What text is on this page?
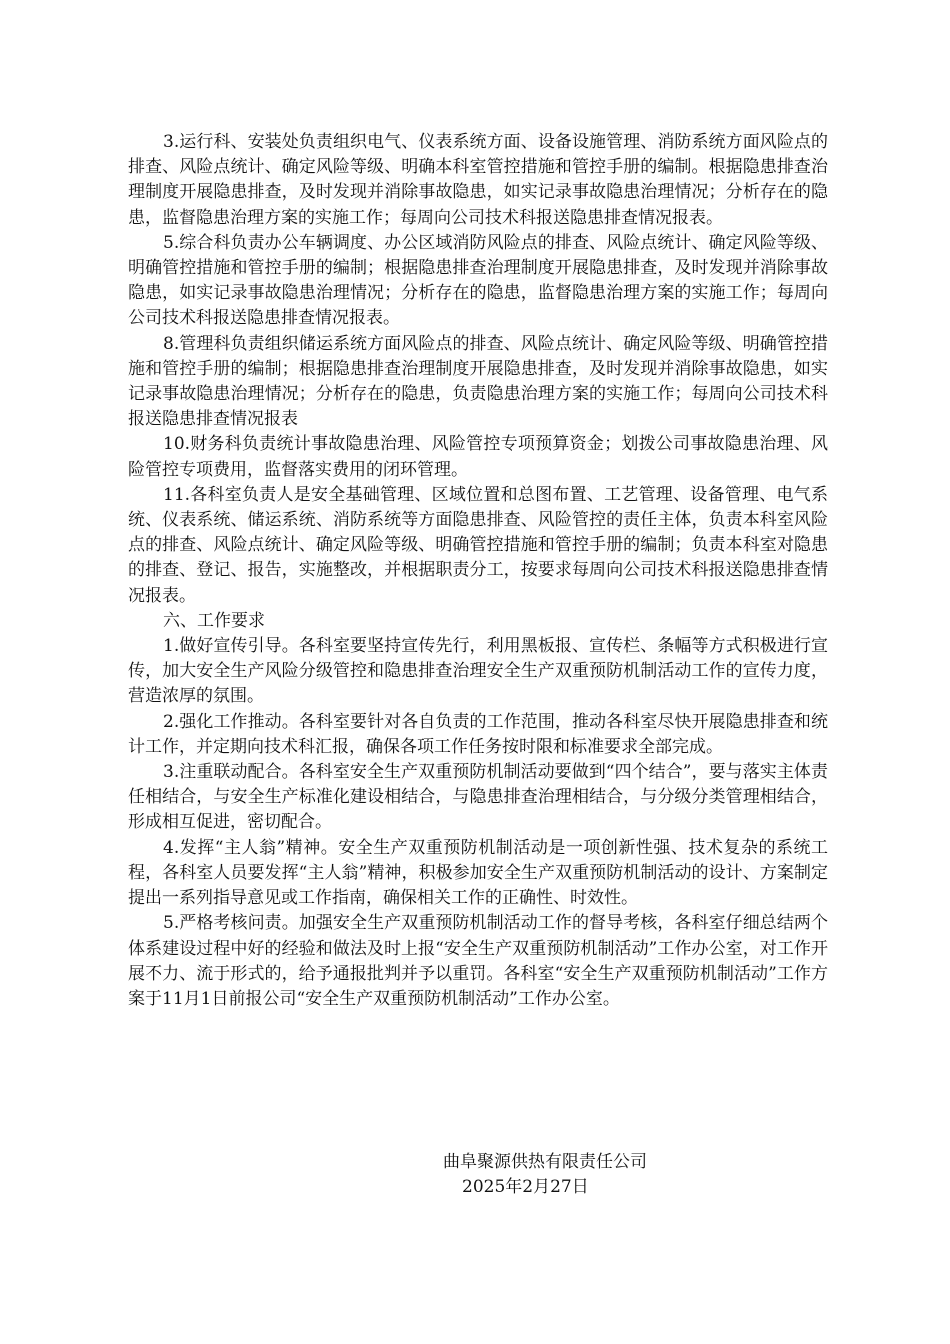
3.运行科、安装处负责组织电气、仪表系统方面、设备设施管理、消防系统方面风险点的排查、风险点统计、确定风险等级、明确本科室管控措施和管控手册的编制。根据隐患排查治理制度开展隐患排查，及时发现并消除事故隐患，如实记录事故隐患治理情况；分析存在的隐患，监督隐患治理方案的实施工作；每周向公司技术科报送隐患排查情况报表。

5.综合科负责办公车辆调度、办公区域消防风险点的排查、风险点统计、确定风险等级、明确管控措施和管控手册的编制；根据隐患排查治理制度开展隐患排查，及时发现并消除事故隐患，如实记录事故隐患治理情况；分析存在的隐患，监督隐患治理方案的实施工作；每周向公司技术科报送隐患排查情况报表。

8.管理科负责组织储运系统方面风险点的排查、风险点统计、确定风险等级、明确管控措施和管控手册的编制；根据隐患排查治理制度开展隐患排查，及时发现并消除事故隐患，如实记录事故隐患治理情况；分析存在的隐患，负责隐患治理方案的实施工作；每周向公司技术科报送隐患排查情况报表

10.财务科负责统计事故隐患治理、风险管控专项预算资金；划拨公司事故隐患治理、风险管控专项费用，监督落实费用的闭环管理。

11.各科室负责人是安全基础管理、区域位置和总图布置、工艺管理、设备管理、电气系统、仪表系统、储运系统、消防系统等方面隐患排查、风险管控的责任主体，负责本科室风险点的排查、风险点统计、确定风险等级、明确管控措施和管控手册的编制；负责本科室对隐患的排查、登记、报告，实施整改，并根据职责分工，按要求每周向公司技术科报送隐患排查情况报表。

六、工作要求

1.做好宣传引导。各科室要坚持宣传先行，利用黑板报、宣传栏、条幅等方式积极进行宣传，加大安全生产风险分级管控和隐患排查治理安全生产双重预防机制活动工作的宣传力度，营造浓厚的氛围。

2.强化工作推动。各科室要针对各自负责的工作范围，推动各科室尽快开展隐患排查和统计工作，并定期向技术科汇报，确保各项工作任务按时限和标准要求全部完成。

3.注重联动配合。各科室安全生产双重预防机制活动要做到“四个结合”，要与落实主体责任相结合，与安全生产标准化建设相结合，与隐患排查治理相结合，与分级分类管理相结合，形成相互促进，密切配合。

4.发挥“主人翁”精神。安全生产双重预防机制活动是一项创新性强、技术复杂的系统工程，各科室人员要发挥“主人翁”精神，积极参加安全生产双重预防机制活动的设计、方案制定提出一系列指导意见或工作指南，确保相关工作的正确性、时效性。

5.严格考核问责。加强安全生产双重预防机制活动工作的督导考核，各科室仔细总结两个体系建设过程中好的经验和做法及时上报“安全生产双重预防机制活动”工作办公室，对工作开展不力、流于形式的，给予通报批判并予以重罚。各科室“安全生产双重预防机制活动”工作方案于11月1日前报公司“安全生产双重预防机制活动”工作办公室。

曲阜聚源供热有限责任公司

2025年2月27日
